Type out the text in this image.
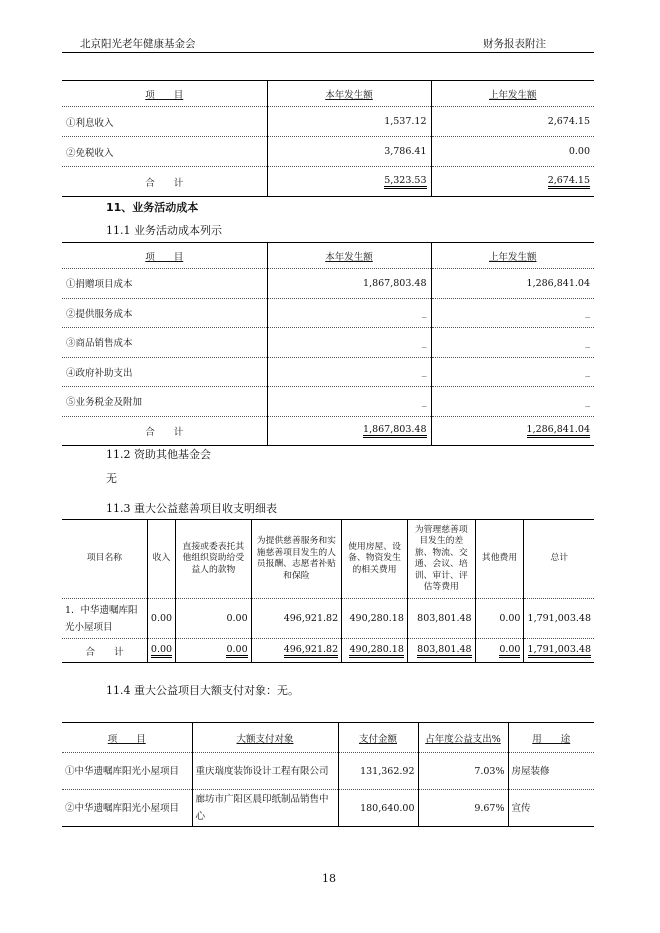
北京阳光老年健康基金会	财务报表附注
项　　目	本年发生额	上年发生额
①利息收入	1,537.12	2,674.15
②免税收入	3,786.41	0.00
合　　计	5,323.53	2,674.15
11、业务活动成本
11.1 业务活动成本列示
项　　目	本年发生额	上年发生额
①捐赠项目成本	1,867,803.48	1,286,841.04
②提供服务成本	_	_
③商品销售成本	_	_
④政府补助支出	_	_
⑤业务税金及附加	_	_
合　　计	1,867,803.48	1,286,841.04
11.2 资助其他基金会
无
11.3 重大公益慈善项目收支明细表
项目名称	收入	直接或委表托其他组织资助给受益人的款物	为提供慈善服务和实施慈善项目发生的人员报酬、志愿者补贴和保险	使用房屋、设备、物资发生的相关费用	为管理慈善项目发生的差旅、物流、交通、会议、培训、审计、评估等费用	其他费用	总计
1．中华遗嘱库阳光小屋项目	0.00	0.00	496,921.82	490,280.18	803,801.48	0.00	1,791,003.48
合　　计	0.00	0.00	496,921.82	490,280.18	803,801.48	0.00	1,791,003.48
11.4 重大公益项目大额支付对象：无。
项　　目	大额支付对象	支付金额	占年度公益支出%	用　　途
①中华遗嘱库阳光小屋项目	重庆瑞度装饰设计工程有限公司	131,362.92	7.03%	房屋装修
②中华遗嘱库阳光小屋项目	廊坊市广阳区晨印纸制品销售中心	180,640.00	9.67%	宣传
18
